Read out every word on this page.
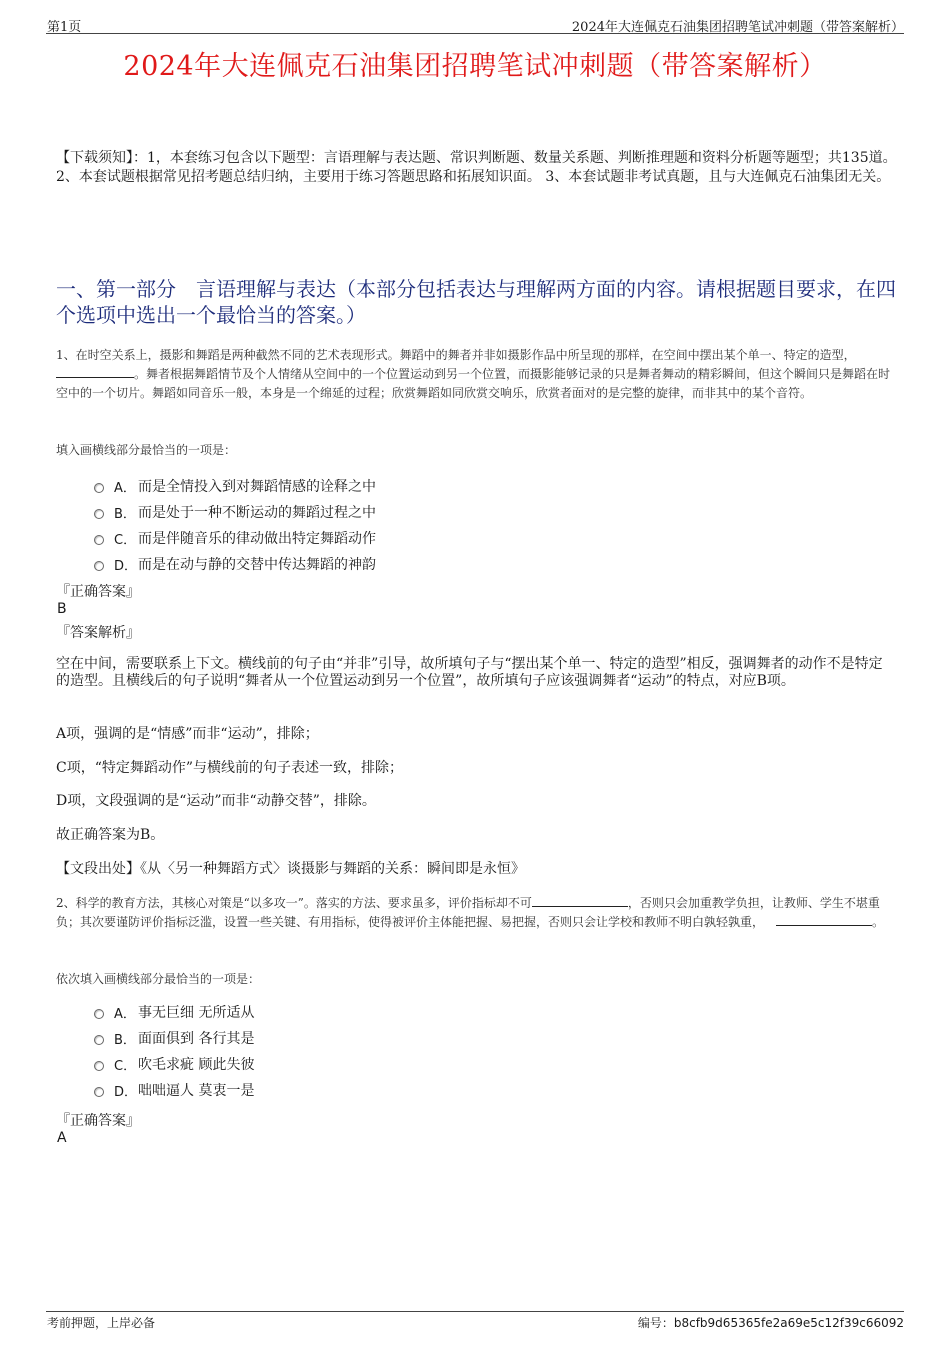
第1页	2024年大连佩克石油集团招聘笔试冲刺题（带答案解析）
2024年大连佩克石油集团招聘笔试冲刺题（带答案解析）
【下载须知】：1，本套练习包含以下题型：言语理解与表达题、常识判断题、数量关系题、判断推理题和资料分析题等题型；共135道。 2、本套试题根据常见招考题总结归纳，主要用于练习答题思路和拓展知识面。 3、本套试题非考试真题，且与大连佩克石油集团无关。
一、第一部分　言语理解与表达（本部分包括表达与理解两方面的内容。请根据题目要求，在四个选项中选出一个最恰当的答案。）
1、在时空关系上，摄影和舞蹈是两种截然不同的艺术表现形式。舞蹈中的舞者并非如摄影作品中所呈现的那样，在空间中摆出某个单一、特定的造型，。舞者根据舞蹈情节及个人情绪从空间中的一个位置运动到另一个位置，而摄影能够记录的只是舞者舞动的精彩瞬间，但这个瞬间只是舞蹈在时空中的一个切片。舞蹈如同音乐一般，本身是一个绵延的过程；欣赏舞蹈如同欣赏交响乐，欣赏者面对的是完整的旋律，而非其中的某个音符。
填入画横线部分最恰当的一项是：
A． 而是全情投入到对舞蹈情感的诠释之中
B． 而是处于一种不断运动的舞蹈过程之中
C． 而是伴随音乐的律动做出特定舞蹈动作
D． 而是在动与静的交替中传达舞蹈的神韵
『正确答案』
B
『答案解析』
空在中间，需要联系上下文。横线前的句子由“并非”引导，故所填句子与“摆出某个单一、特定的造型”相反，强调舞者的动作不是特定的造型。且横线后的句子说明“舞者从一个位置运动到另一个位置”，故所填句子应该强调舞者“运动”的特点，对应B项。
A项，强调的是“情感”而非“运动”，排除；
C项，“特定舞蹈动作”与横线前的句子表述一致，排除；
D项，文段强调的是“运动”而非“动静交替”，排除。
故正确答案为B。
【文段出处】《从〈另一种舞蹈方式〉谈摄影与舞蹈的关系：瞬间即是永恒》
2、科学的教育方法，其核心对策是“以多攻一”。落实的方法、要求虽多，评价指标却不可	，否则只会加重教学负担，让教师、学生不堪重负；其次要谨防评价指标泛滥，设置一些关键、有用指标，使得被评价主体能把握、易把握，否则只会让学校和教师不明白孰轻孰重，	。
依次填入画横线部分最恰当的一项是：
A． 事无巨细 无所适从
B． 面面俱到 各行其是
C． 吹毛求疵 顾此失彼
D． 咄咄逼人 莫衷一是
『正确答案』
A
考前押题，上岸必备	编号：b8cfb9d65365fe2a69e5c12f39c66092
